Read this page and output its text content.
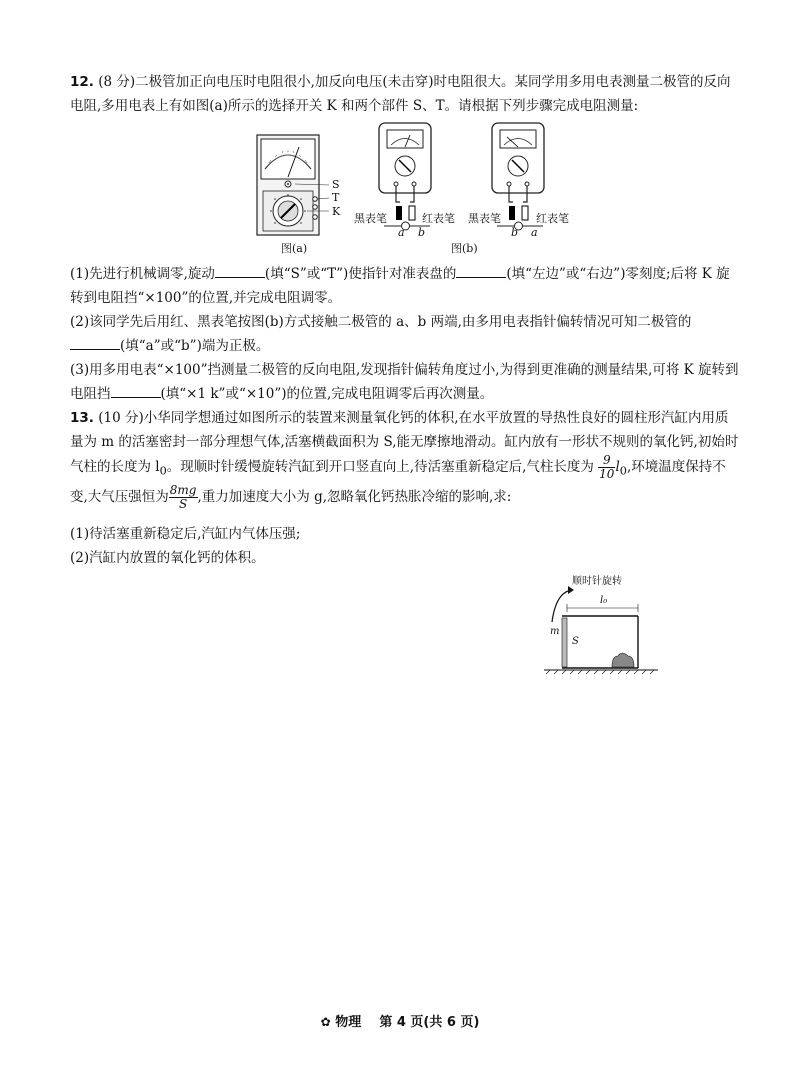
12. (8 分)二极管加正向电压时电阻很小,加反向电压(未击穿)时电阻很大。某同学用多用电表测量二极管的反向电阻,多用电表上有如图(a)所示的选择开关 K 和两个部件 S、T。请根据下列步骤完成电阻测量:

S
T
K
图(a)
黑表笔	红表笔
a b
黑表笔	红表笔
b a
图(b)

(1)先进行机械调零,旋动	(填“S”或“T”)使指针对准表盘的	(填“左边”或“右边”)零刻度;后将 K 旋转到电阻挡“×100”的位置,并完成电阻调零。

(2)该同学先后用红、黑表笔按图(b)方式接触二极管的 a、b 两端,由多用电表指针偏转情况可知二极管的(填“a”或“b”)端为正极。

(3)用多用电表“×100”挡测量二极管的反向电阻,发现指针偏转角度过小,为得到更准确的测量结果,可将 K 旋转到电阻挡	(填“×1 k”或“×10”)的位置,完成电阻调零后再次测量。

13. (10 分)小华同学想通过如图所示的装置来测量氧化钙的体积,在水平放置的导热性良好的圆柱形汽缸内用质量为 m 的活塞密封一部分理想气体,活塞横截面积为 S,能无摩擦地滑动。缸内放有一形状不规则的氧化钙,初始时气柱的长度为 $l_0$。现顺时针缓慢旋转汽缸到开口竖直向上,待活塞重新稳定后,气柱长度为 $\frac{9}{10} l_0$,环境温度保持不变,大气压强恒为 $\frac{8mg}{S}$ ,重力加速度大小为 g,忽略氧化钙热胀冷缩的影响,求:

(1)待活塞重新稳定后,汽缸内气体压强;

(2)汽缸内放置的氧化钙的体积。

顺时针旋转
l₀
m
S
✿ 物理 第 4 页(共 6 页)
